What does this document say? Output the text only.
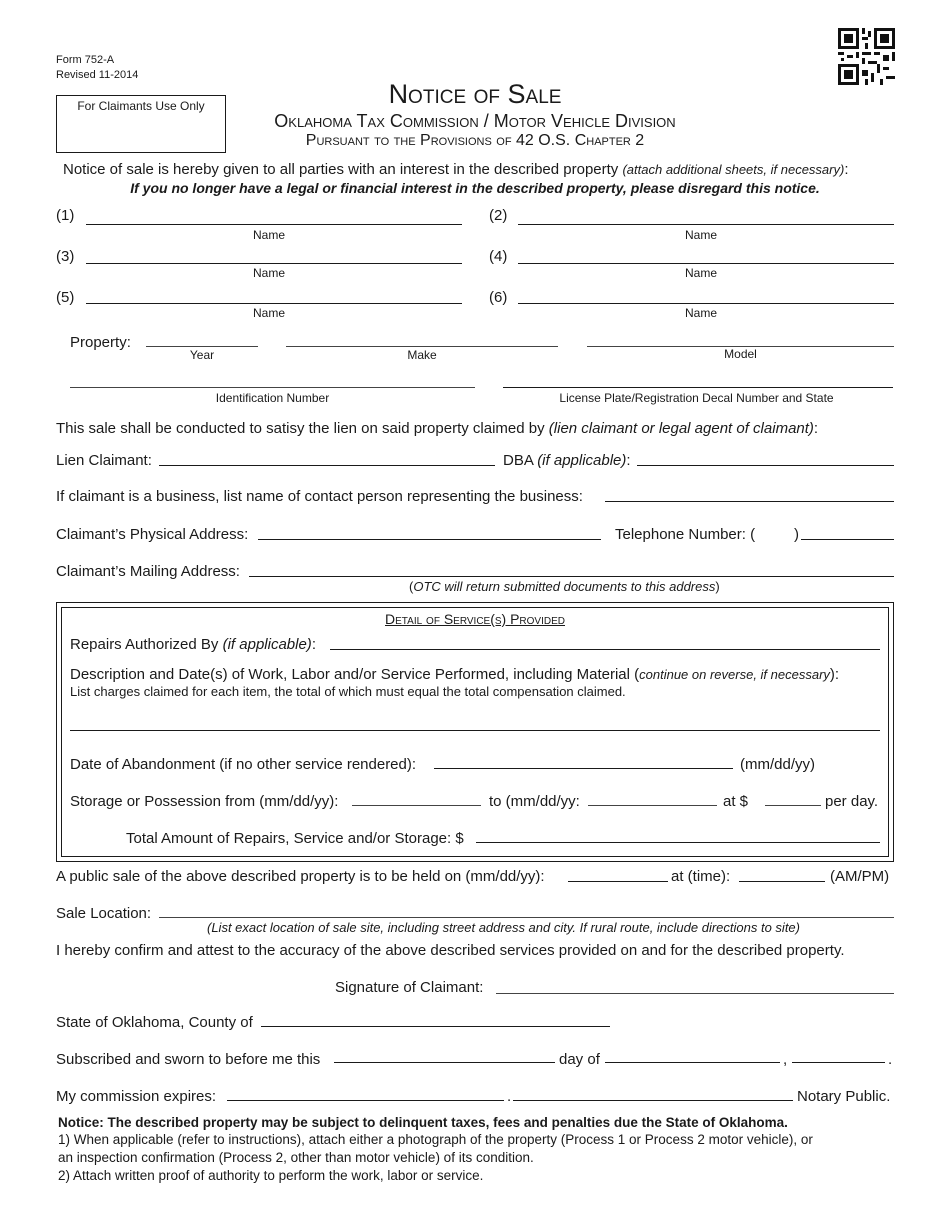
Form 752-A
Revised 11-2014
For Claimants Use Only	Notice of Sale
Oklahoma Tax Commission / Motor Vehicle Division
Pursuant to the Provisions of 42 O.S. Chapter 2
Notice of sale is hereby given to all parties with an interest in the described property (attach additional sheets, if necessary):
If you no longer have a legal or financial interest in the described property, please disregard this notice.
(1)
Name
(2)
Name
(3)
Name
(4)
Name
(5)
Name
(6)
Name
Property:
Year	Make	Model
Identification Number	License Plate/Registration Decal Number and State
This sale shall be conducted to satisy the lien on said property claimed by (lien claimant or legal agent of claimant):
Lien Claimant:	DBA (if applicable):
If claimant is a business, list name of contact person representing the business:
Claimant’s Physical Address:	Telephone Number: (	)
Claimant’s Mailing Address:
(OTC will return submitted documents to this address)
Detail of Service(s) Provided
Repairs Authorized By (if applicable):
Description and Date(s) of Work, Labor and/or Service Performed, including Material (continue on reverse, if necessary):
List charges claimed for each item, the total of which must equal the total compensation claimed.
Date of Abandonment (if no other service rendered):	(mm/dd/yy)
Storage or Possession from (mm/dd/yy):	to (mm/dd/yy:	at $	per day.
Total Amount of Repairs, Service and/or Storage: $
A public sale of the above described property is to be held on (mm/dd/yy):	at (time):	(AM/PM)
Sale Location:
(List exact location of sale site, including street address and city. If rural route, include directions to site)
I hereby confirm and attest to the accuracy of the above described services provided on and for the described property.
Signature of Claimant:
State of Oklahoma, County of
Subscribed and sworn to before me this	day of	,	.
My commission expires:	.	Notary Public.
Notice: The described property may be subject to delinquent taxes, fees and penalties due the State of Oklahoma.
1) When applicable (refer to instructions), attach either a photograph of the property (Process 1 or Process 2 motor vehicle), or
an inspection confirmation (Process 2, other than motor vehicle) of its condition.
2) Attach written proof of authority to perform the work, labor or service.
